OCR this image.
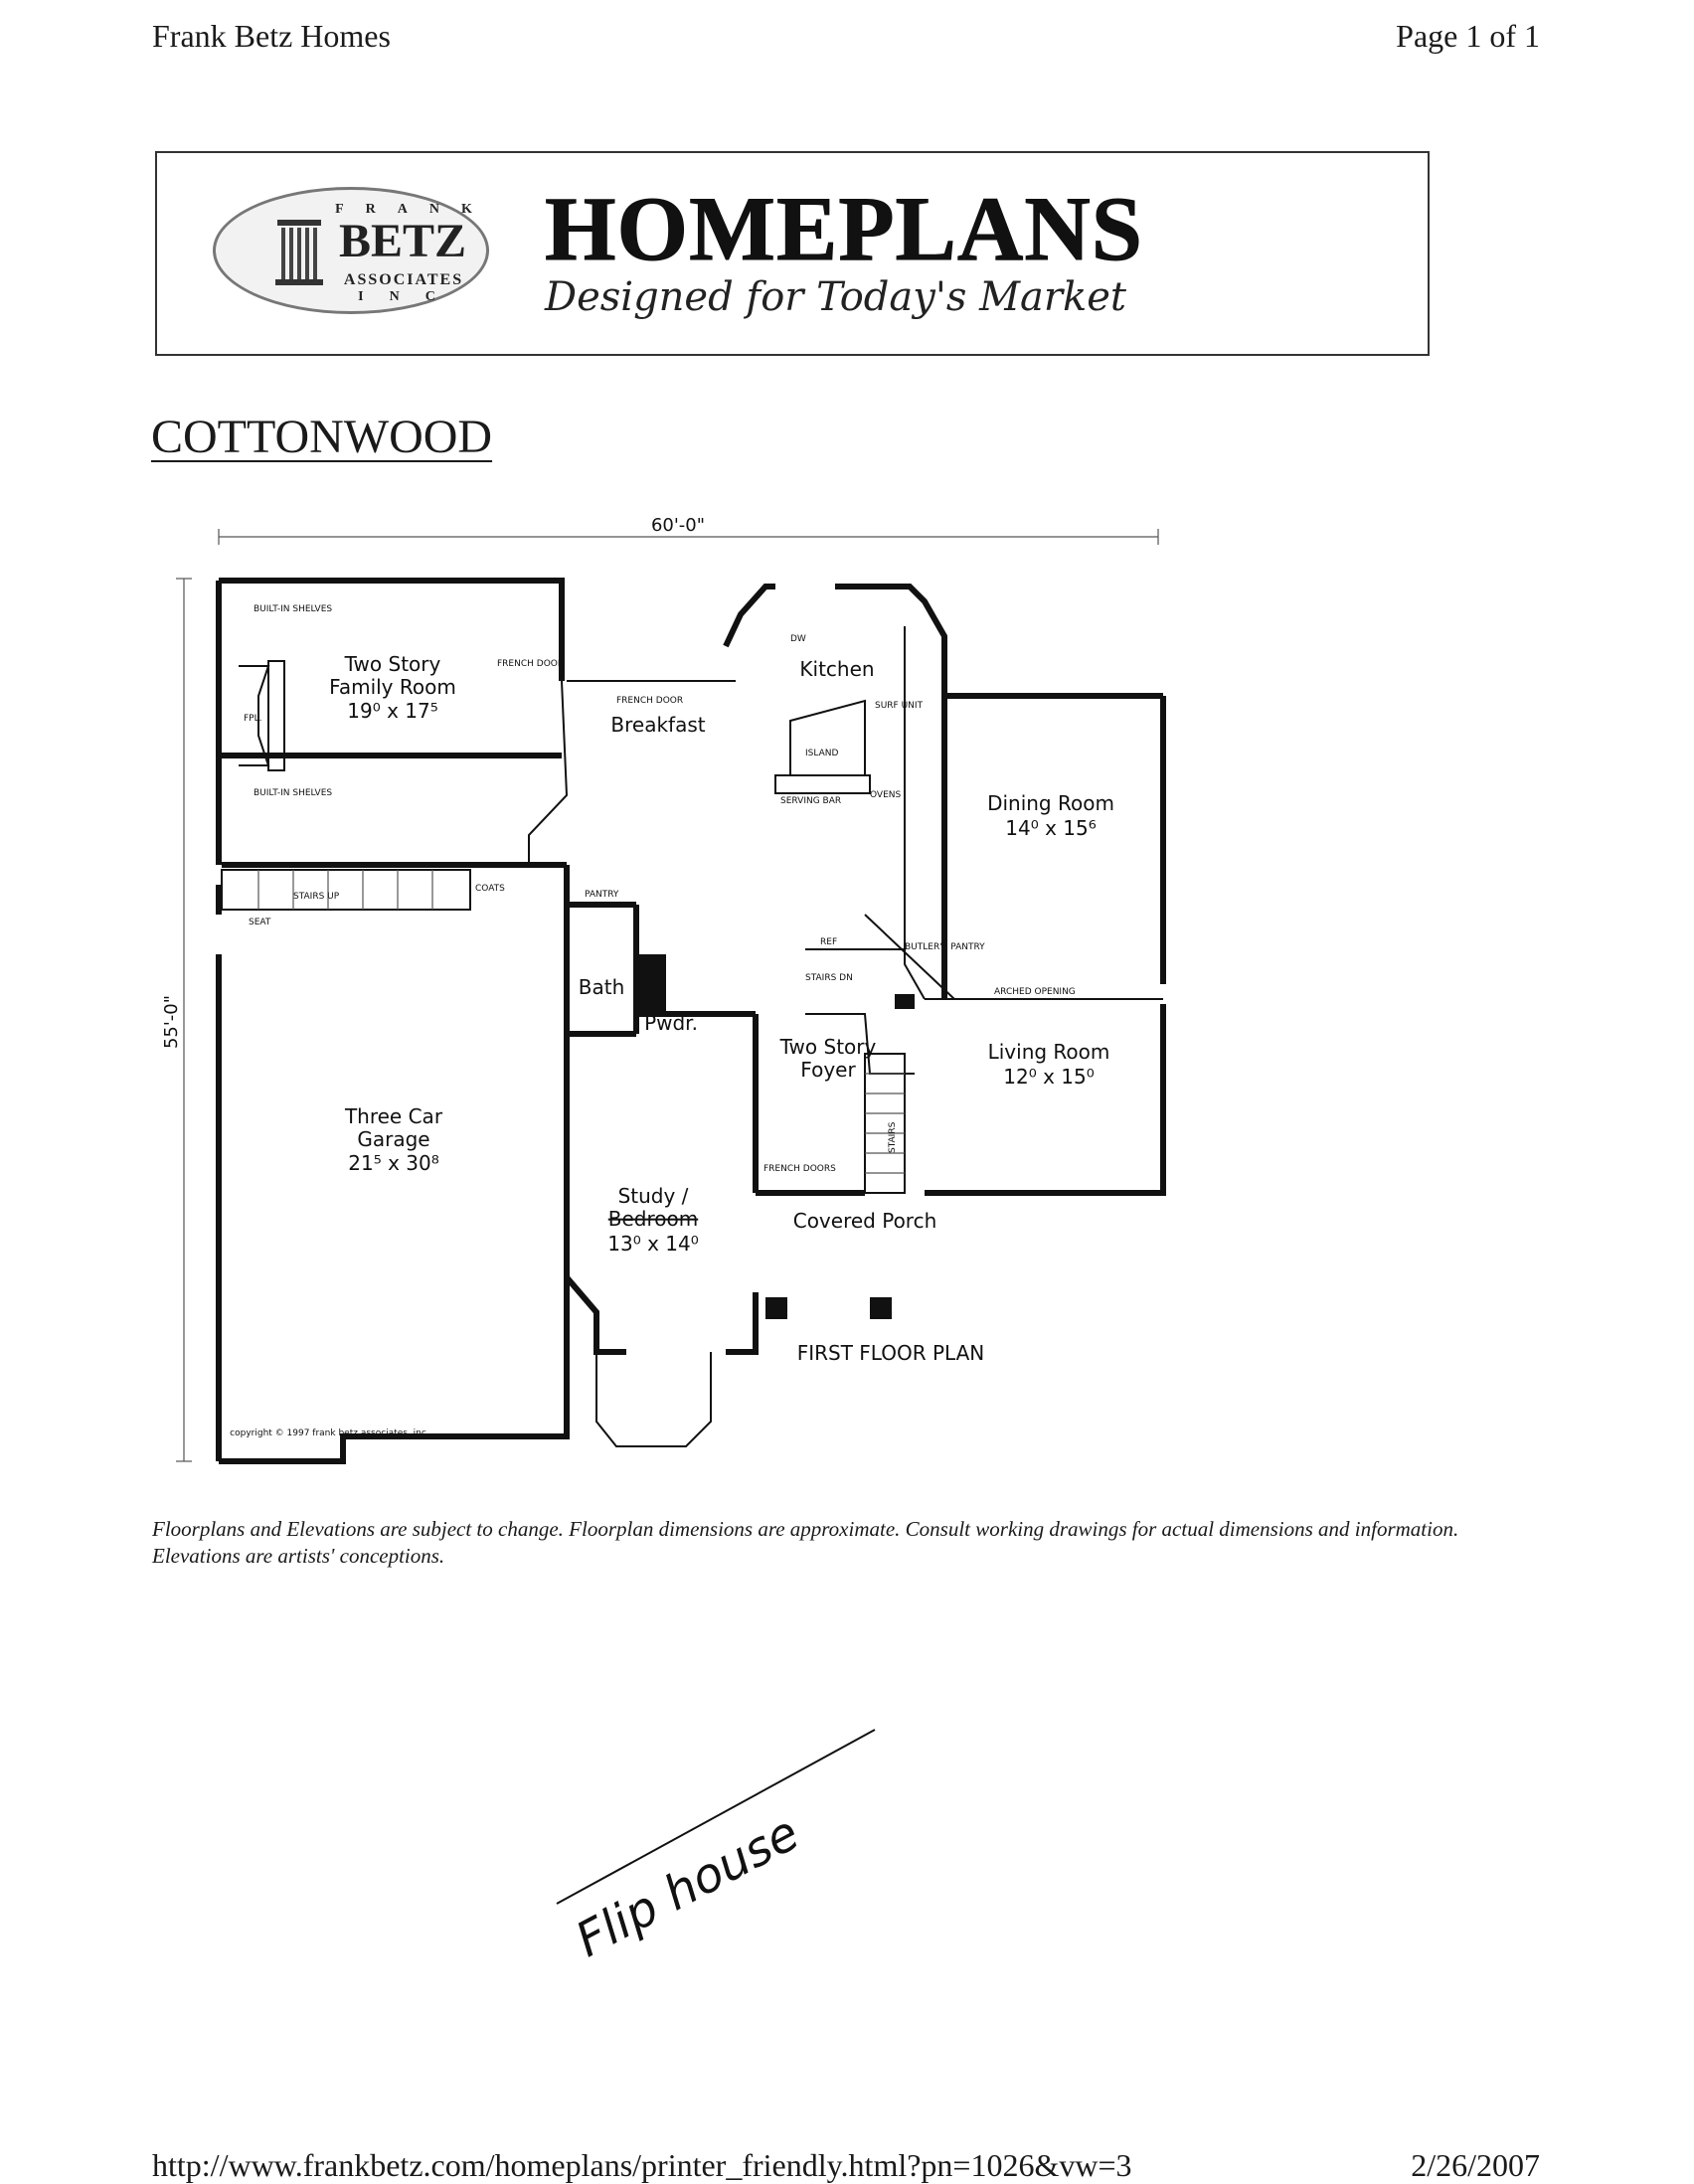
Frank Betz Homes	Page 1 of 1
FRANK
BETZ
ASSOCIATES
INC
HOMEPLANS
Designed for Today's Market
COTTONWOOD
60'-0"
55'-0"
Two Story
Family Room
19⁰ x 17⁵
Breakfast
Kitchen
Dining Room
14⁰ x 15⁶
Three Car
Garage
21⁵ x 30⁸
Bath
Pwdr.
Two Story
Foyer
Living Room
12⁰ x 15⁰
Study /
Bedroom
13⁰ x 14⁰
Covered Porch
FIRST FLOOR PLAN
copyright © 1997 frank betz associates, inc
BUILT-IN SHELVES
BUILT-IN SHELVES
FPL.
FRENCH DOOR
FRENCH DOOR
DW
SURF UNIT
ISLAND
SERVING BAR
OVENS
STAIRS UP
SEAT
COATS
PANTRY
REF	BUTLER'S PANTRY
STAIRS DN
ARCHED OPENING
STAIRS
FRENCH DOORS
Floorplans and Elevations are subject to change. Floorplan dimensions are approximate. Consult working drawings for actual dimensions and information. Elevations are artists' conceptions.
Flip house
http://www.frankbetz.com/homeplans/printer_friendly.html?pn=1026&vw=3	2/26/2007
